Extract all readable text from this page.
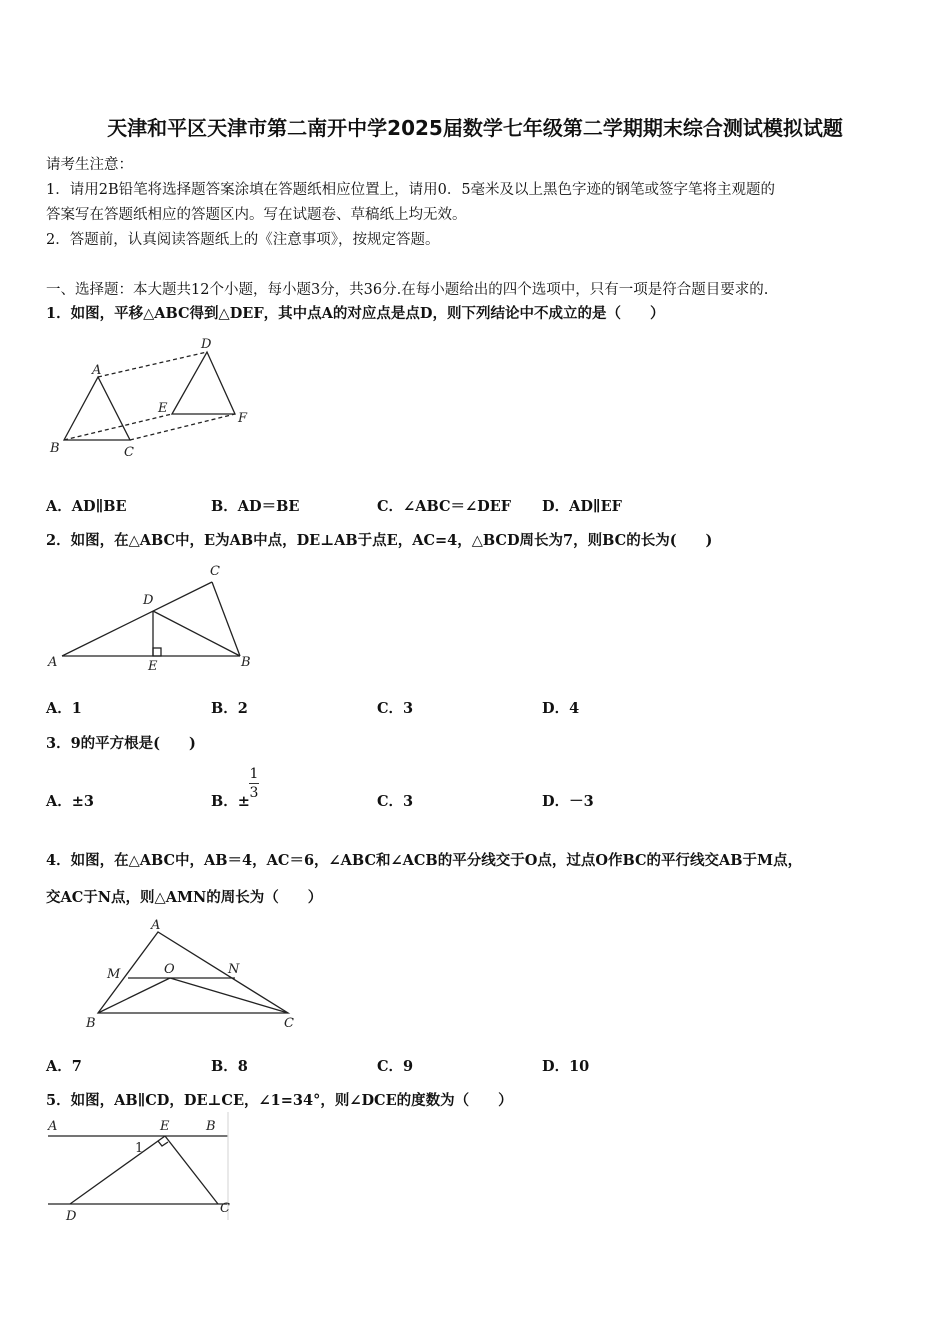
天津和平区天津市第二南开中学2025届数学七年级第二学期期末综合测试模拟试题
请考生注意：
1．请用2B铅笔将选择题答案涂填在答题纸相应位置上，请用0．5毫米及以上黑色字迹的钢笔或签字笔将主观题的
答案写在答题纸相应的答题区内。写在试题卷、草稿纸上均无效。
2．答题前，认真阅读答题纸上的《注意事项》，按规定答题。
一、选择题：本大题共12个小题，每小题3分，共36分.在每小题给出的四个选项中，只有一项是符合题目要求的.
1．如图，平移△ABC得到△DEF，其中点A的对应点是点D，则下列结论中不成立的是（　　）
A
B	C
D
E
F
A．AD∥BE	B．AD＝BE	C．∠ABC＝∠DEF D．AD∥EF
2．如图，在△ABC中，E为AB中点，DE⊥AB于点E，AC=4，△BCD周长为7，则BC的长为(　　)
A	B
C
D
E
A．1	B．2	C．3	D．4
3．9的平方根是(　　)
A．±3	B．±
1
3	C．3	D．－3
4．如图，在△ABC中，AB＝4，AC＝6，∠ABC和∠ACB的平分线交于O点，过点O作BC的平行线交AB于M点，
交AC于N点，则△AMN的周长为（　　）
A
B	C
M	N
O
A．7	B．8	C．9	D．10
5．如图，AB∥CD，DE⊥CE，∠1=34°，则∠DCE的度数为（　　）
A	B
E
C
D
1
